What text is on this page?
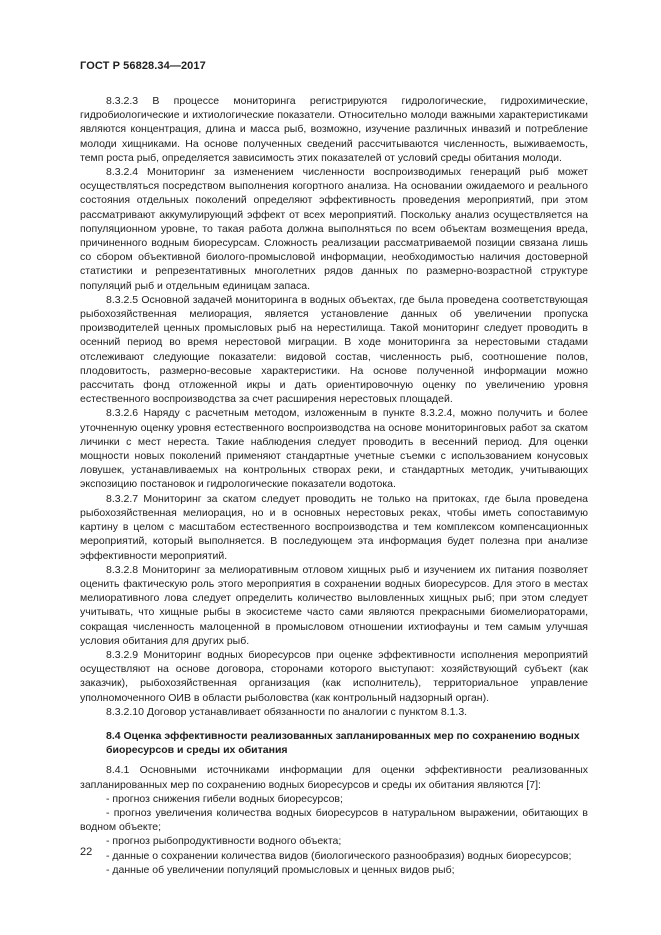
ГОСТ Р 56828.34—2017

8.3.2.3 В процессе мониторинга регистрируются гидрологические, гидрохимические, гидробиологические и ихтиологические показатели. Относительно молоди важными характеристиками являются концентрация, длина и масса рыб, возможно, изучение различных инвазий и потребление молоди хищниками. На основе полученных сведений рассчитываются численность, выживаемость, темп роста рыб, определяется зависимость этих показателей от условий среды обитания молоди.

8.3.2.4 Мониторинг за изменением численности воспроизводимых генераций рыб может осуществляться посредством выполнения когортного анализа. На основании ожидаемого и реального состояния отдельных поколений определяют эффективность проведения мероприятий, при этом рассматривают аккумулирующий эффект от всех мероприятий. Поскольку анализ осуществляется на популяционном уровне, то такая работа должна выполняться по всем объектам возмещения вреда, причиненного водным биоресурсам. Сложность реализации рассматриваемой позиции связана лишь со сбором объективной биолого-промысловой информации, необходимостью наличия достоверной статистики и репрезентативных многолетних рядов данных по размерно-возрастной структуре популяций рыб и отдельным единицам запаса.

8.3.2.5 Основной задачей мониторинга в водных объектах, где была проведена соответствующая рыбохозяйственная мелиорация, является установление данных об увеличении пропуска производителей ценных промысловых рыб на нерестилища. Такой мониторинг следует проводить в осенний период во время нерестовой миграции. В ходе мониторинга за нерестовыми стадами отслеживают следующие показатели: видовой состав, численность рыб, соотношение полов, плодовитость, размерно-весовые характеристики. На основе полученной информации можно рассчитать фонд отложенной икры и дать ориентировочную оценку по увеличению уровня естественного воспроизводства за счет расширения нерестовых площадей.

8.3.2.6 Наряду с расчетным методом, изложенным в пункте 8.3.2.4, можно получить и более уточненную оценку уровня естественного воспроизводства на основе мониторинговых работ за скатом личинки с мест нереста. Такие наблюдения следует проводить в весенний период. Для оценки мощности новых поколений применяют стандартные учетные съемки с использованием конусовых ловушек, устанавливаемых на контрольных створах реки, и стандартных методик, учитывающих экспозицию постановок и гидрологические показатели водотока.

8.3.2.7 Мониторинг за скатом следует проводить не только на притоках, где была проведена рыбохозяйственная мелиорация, но и в основных нерестовых реках, чтобы иметь сопоставимую картину в целом с масштабом естественного воспроизводства и тем комплексом компенсационных мероприятий, который выполняется. В последующем эта информация будет полезна при анализе эффективности мероприятий.

8.3.2.8 Мониторинг за мелиоративным отловом хищных рыб и изучением их питания позволяет оценить фактическую роль этого мероприятия в сохранении водных биоресурсов. Для этого в местах мелиоративного лова следует определить количество выловленных хищных рыб; при этом следует учитывать, что хищные рыбы в экосистеме часто сами являются прекрасными биомелиораторами, сокращая численность малоценной в промысловом отношении ихтиофауны и тем самым улучшая условия обитания для других рыб.

8.3.2.9 Мониторинг водных биоресурсов при оценке эффективности исполнения мероприятий осуществляют на основе договора, сторонами которого выступают: хозяйствующий субъект (как заказчик), рыбохозяйственная организация (как исполнитель), территориальное управление уполномоченного ОИВ в области рыболовства (как контрольный надзорный орган).

8.3.2.10 Договор устанавливает обязанности по аналогии с пунктом 8.1.3.

8.4 Оценка эффективности реализованных запланированных мер по сохранению водных биоресурсов и среды их обитания

8.4.1 Основными источниками информации для оценки эффективности реализованных запланированных мер по сохранению водных биоресурсов и среды их обитания являются [7]:

- прогноз снижения гибели водных биоресурсов;

- прогноз увеличения количества водных биоресурсов в натуральном выражении, обитающих в водном объекте;

- прогноз рыбопродуктивности водного объекта;

- данные о сохранении количества видов (биологического разнообразия) водных биоресурсов;

- данные об увеличении популяций промысловых и ценных видов рыб;

22
